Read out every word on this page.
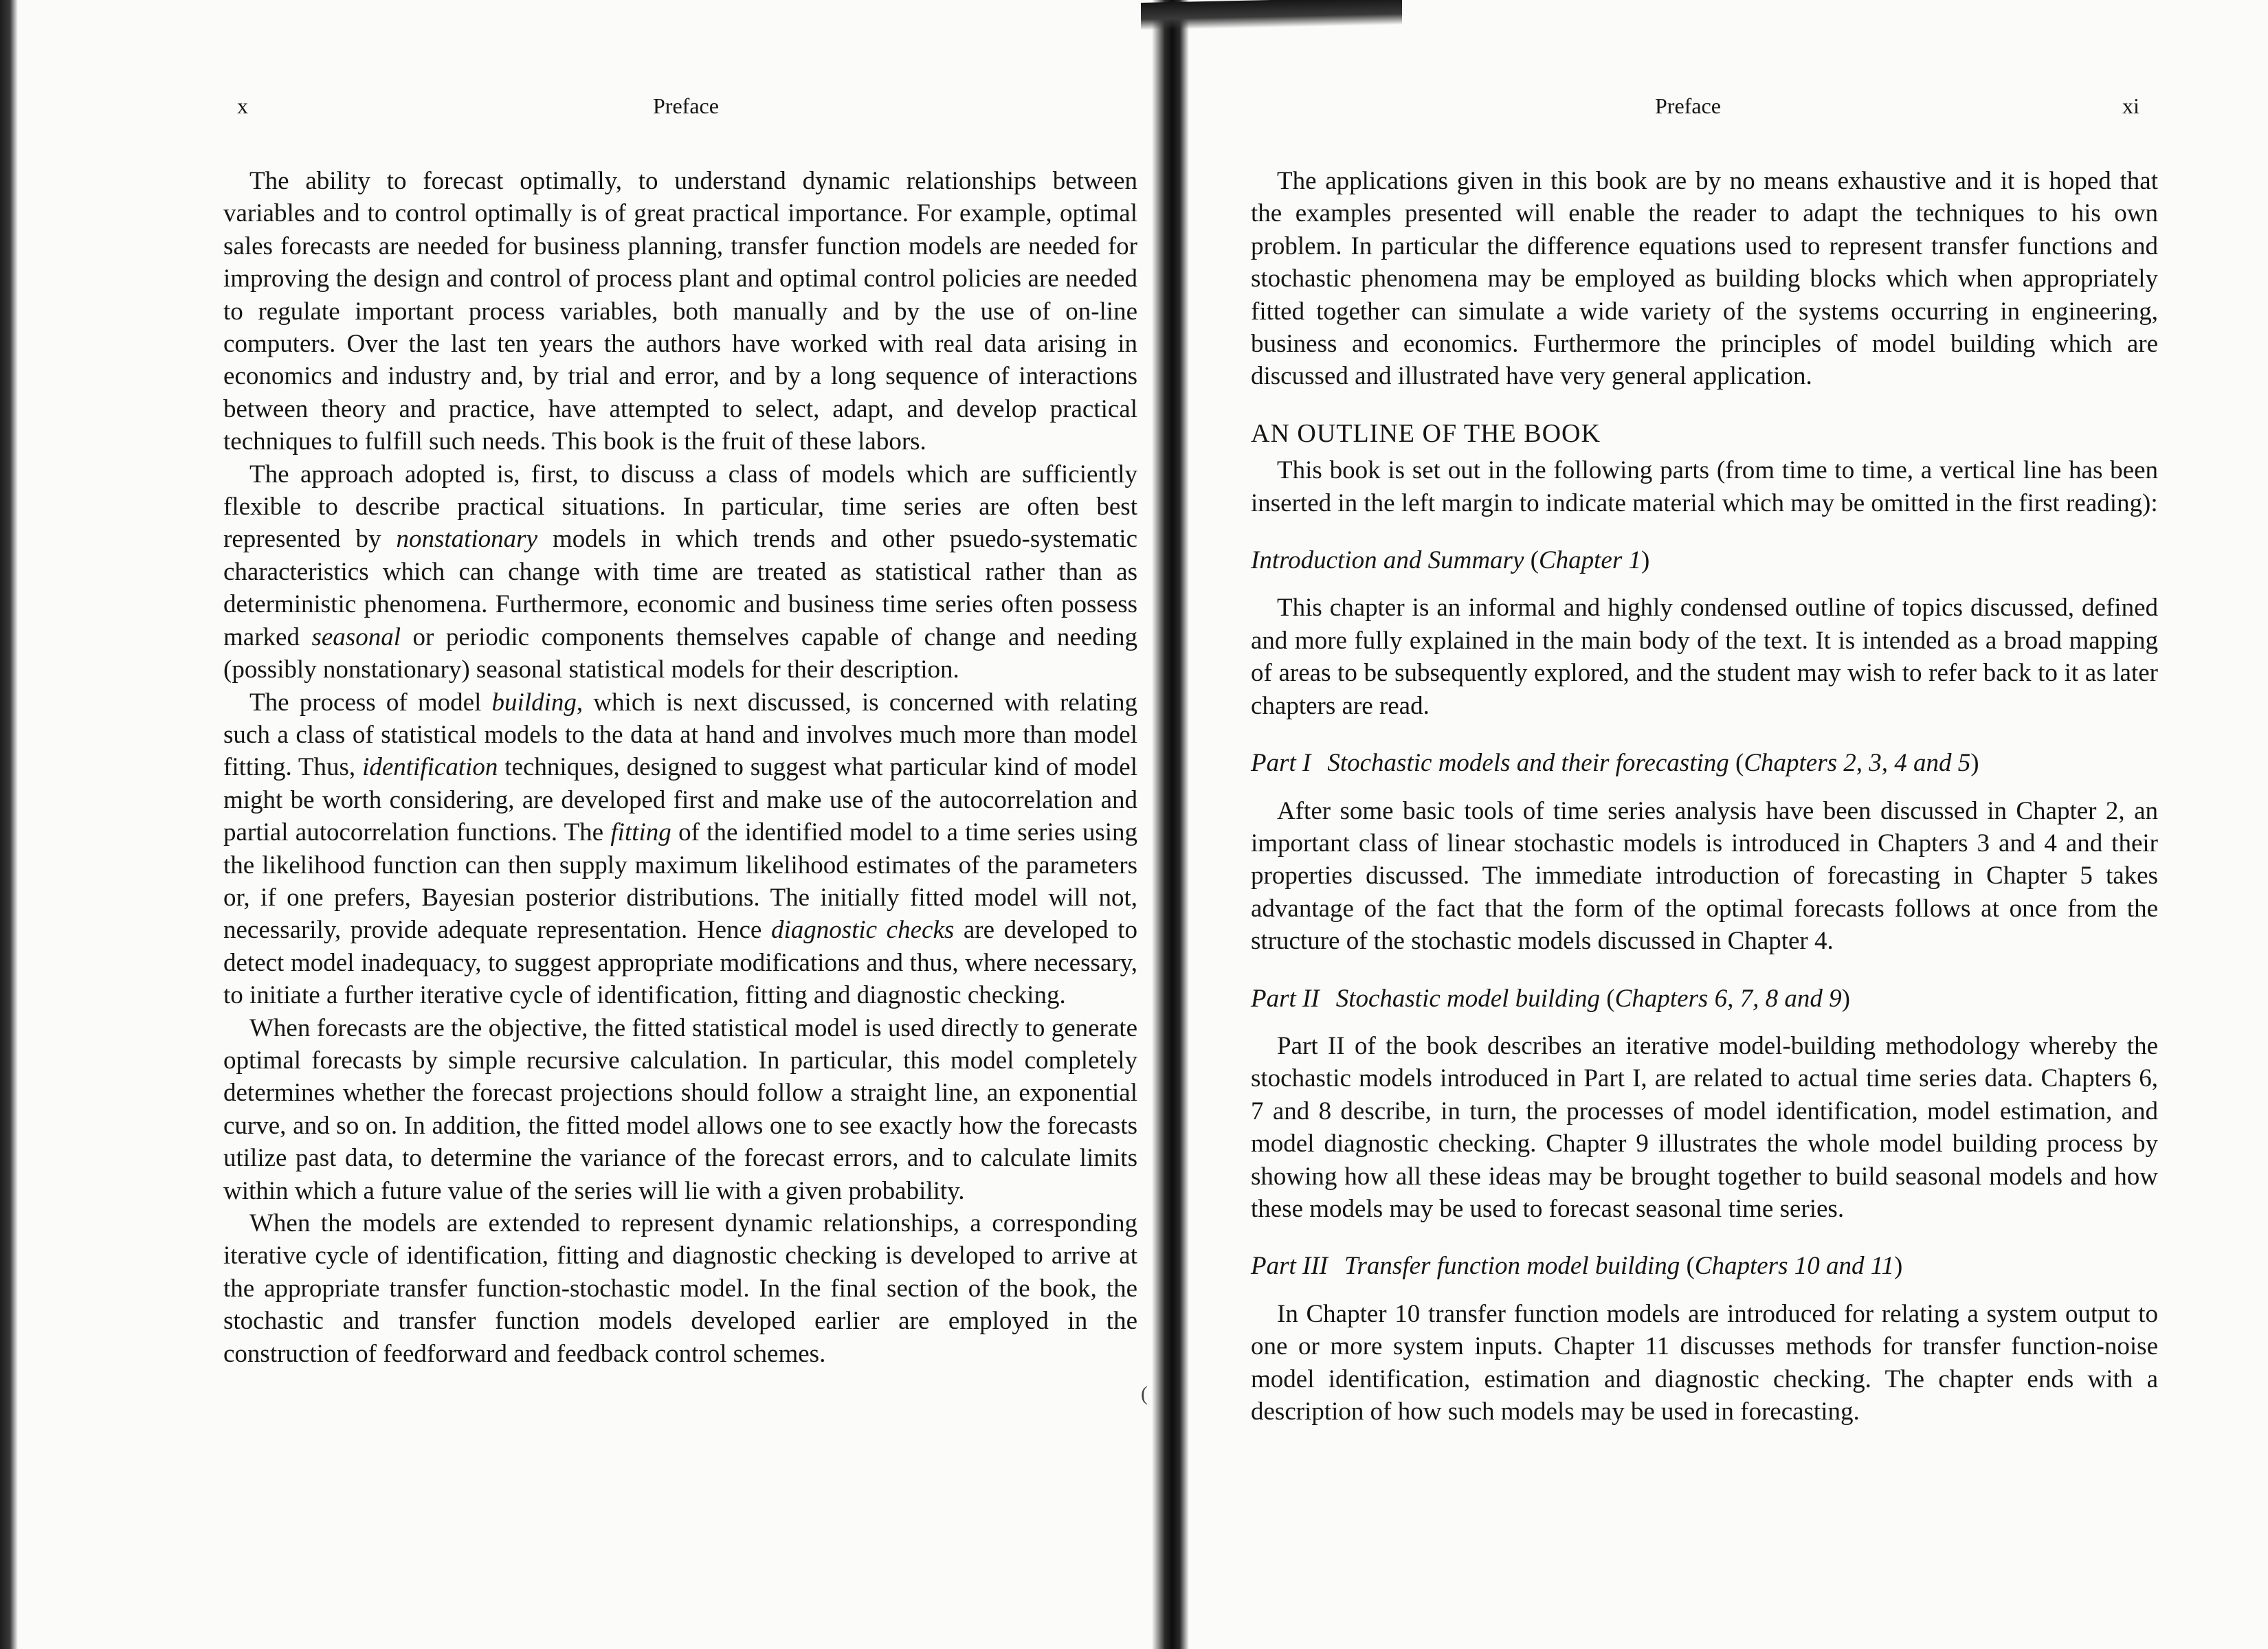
x	Preface	Preface	xi

The ability to forecast optimally, to understand dynamic relationships between variables and to control optimally is of great practical importance. For example, optimal sales forecasts are needed for business planning, transfer function models are needed for improving the design and control of process plant and optimal control policies are needed to regulate important process variables, both manually and by the use of on-line computers. Over the last ten years the authors have worked with real data arising in economics and industry and, by trial and error, and by a long sequence of interactions between theory and practice, have attempted to select, adapt, and develop practical techniques to fulfill such needs. This book is the fruit of these labors.

The approach adopted is, first, to discuss a class of models which are sufficiently flexible to describe practical situations. In particular, time series are often best represented by nonstationary models in which trends and other psuedo-systematic characteristics which can change with time are treated as statistical rather than as deterministic phenomena. Furthermore, economic and business time series often possess marked seasonal or periodic components themselves capable of change and needing (possibly nonstationary) seasonal statistical models for their description.

The process of model building, which is next discussed, is concerned with relating such a class of statistical models to the data at hand and involves much more than model fitting. Thus, identification techniques, designed to suggest what particular kind of model might be worth considering, are developed first and make use of the autocorrelation and partial autocorrelation functions. The fitting of the identified model to a time series using the likelihood function can then supply maximum likelihood estimates of the parameters or, if one prefers, Bayesian posterior distributions. The initially fitted model will not, necessarily, provide adequate representation. Hence diagnostic checks are developed to detect model inadequacy, to suggest appropriate modifications and thus, where necessary, to initiate a further iterative cycle of identification, fitting and diagnostic checking.

When forecasts are the objective, the fitted statistical model is used directly to generate optimal forecasts by simple recursive calculation. In particular, this model completely determines whether the forecast projections should follow a straight line, an exponential curve, and so on. In addition, the fitted model allows one to see exactly how the forecasts utilize past data, to determine the variance of the forecast errors, and to calculate limits within which a future value of the series will lie with a given probability.

When the models are extended to represent dynamic relationships, a corresponding iterative cycle of identification, fitting and diagnostic checking is developed to arrive at the appropriate transfer function-stochastic model. In the final section of the book, the stochastic and transfer function models developed earlier are employed in the construction of feedforward and feedback control schemes.

(

The applications given in this book are by no means exhaustive and it is hoped that the examples presented will enable the reader to adapt the techniques to his own problem. In particular the difference equations used to represent transfer functions and stochastic phenomena may be employed as building blocks which when appropriately fitted together can simulate a wide variety of the systems occurring in engineering, business and economics. Furthermore the principles of model building which are discussed and illustrated have very general application.

AN OUTLINE OF THE BOOK

This book is set out in the following parts (from time to time, a vertical line has been inserted in the left margin to indicate material which may be omitted in the first reading):

Introduction and Summary (Chapter 1)

This chapter is an informal and highly condensed outline of topics discussed, defined and more fully explained in the main body of the text. It is intended as a broad mapping of areas to be subsequently explored, and the student may wish to refer back to it as later chapters are read.

Part I Stochastic models and their forecasting (Chapters 2, 3, 4 and 5)

After some basic tools of time series analysis have been discussed in Chapter 2, an important class of linear stochastic models is introduced in Chapters 3 and 4 and their properties discussed. The immediate introduction of forecasting in Chapter 5 takes advantage of the fact that the form of the optimal forecasts follows at once from the structure of the stochastic models discussed in Chapter 4.

Part II Stochastic model building (Chapters 6, 7, 8 and 9)

Part II of the book describes an iterative model-building methodology whereby the stochastic models introduced in Part I, are related to actual time series data. Chapters 6, 7 and 8 describe, in turn, the processes of model identification, model estimation, and model diagnostic checking. Chapter 9 illustrates the whole model building process by showing how all these ideas may be brought together to build seasonal models and how these models may be used to forecast seasonal time series.

Part III Transfer function model building (Chapters 10 and 11)

In Chapter 10 transfer function models are introduced for relating a system output to one or more system inputs. Chapter 11 discusses methods for transfer function-noise model identification, estimation and diagnostic checking. The chapter ends with a description of how such models may be used in forecasting.
